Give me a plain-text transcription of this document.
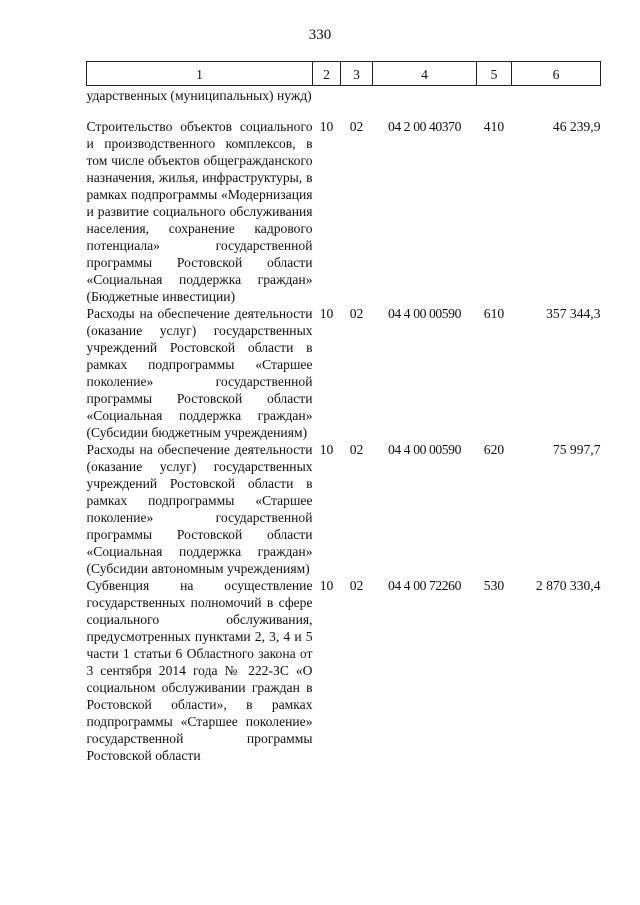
330
1	2	3	4	5	6
ударственных (муниципальных) нужд)					
Строительство объектов социального и производственного комплексов, в том числе объектов общегражданского назначения, жилья, инфраструктуры, в рамках подпрограммы «Модернизация и развитие социального обслуживания населения, сохранение кадрового потенциала» государственной программы Ростовской области «Социальная поддержка граждан» (Бюджетные инвестиции)	10	02	04 2 00 40370	410	46 239,9
Расходы на обеспечение деятельности (оказание услуг) государственных учреждений Ростовской области в рамках подпрограммы «Старшее поколение» государственной программы Ростовской области «Социальная поддержка граждан» (Субсидии бюджетным учреждениям)	10	02	04 4 00 00590	610	357 344,3
Расходы на обеспечение деятельности (оказание услуг) государственных учреждений Ростовской области в рамках подпрограммы «Старшее поколение» государственной программы Ростовской области «Социальная поддержка граждан» (Субсидии автономным учреждениям)	10	02	04 4 00 00590	620	75 997,7
Субвенция на осуществление государственных полномочий в сфере социального обслуживания, предусмотренных пунктами 2, 3, 4 и 5 части 1 статьи 6 Областного закона от 3 сентября 2014 года № 222-ЗС «О социальном обслуживании граждан в Ростовской области», в рамках подпрограммы «Старшее поколение» государственной программы Ростовской области	10	02	04 4 00 72260	530	2 870 330,4
